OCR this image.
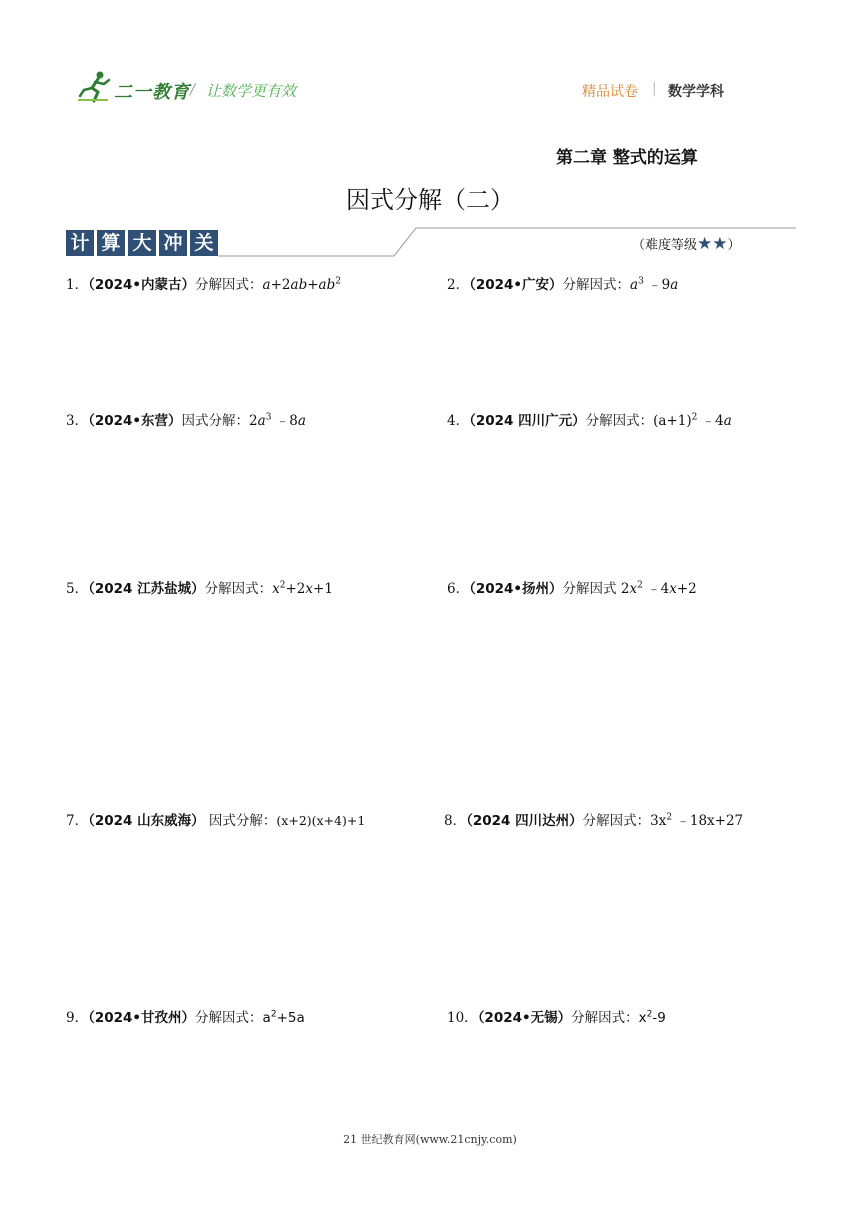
二一教育 / 让数学更有效	精品试卷 | 数学学科
第二章 整式的运算
因式分解（二）
计 算 大 冲 关	（难度等级★★）
1．（2024•内蒙古）分解因式：$a+2ab+ab^2$	2．（2024•广安）分解因式：$a^3$ ﹣9a
3．（2024•东营）因式分解：$2a^3$ ﹣8a	4．（2024 四川广元）分解因式：$(a+1)^2$ ﹣4a
5．（2024 江苏盐城）分解因式：$x^2+2x+1$	6．（2024•扬州）分解因式 $2x^2$ ﹣4x+2
7．（2024 山东威海） 因式分解：(x+2)(x+4)+1	8．（2024 四川达州）分解因式：$3x^2$ ﹣18x+27
9．（2024•甘孜州）分解因式：$a^2+5a$	10．（2024•无锡）分解因式：$x^2-9$
21 世纪教育网(www.21cnjy.com)
